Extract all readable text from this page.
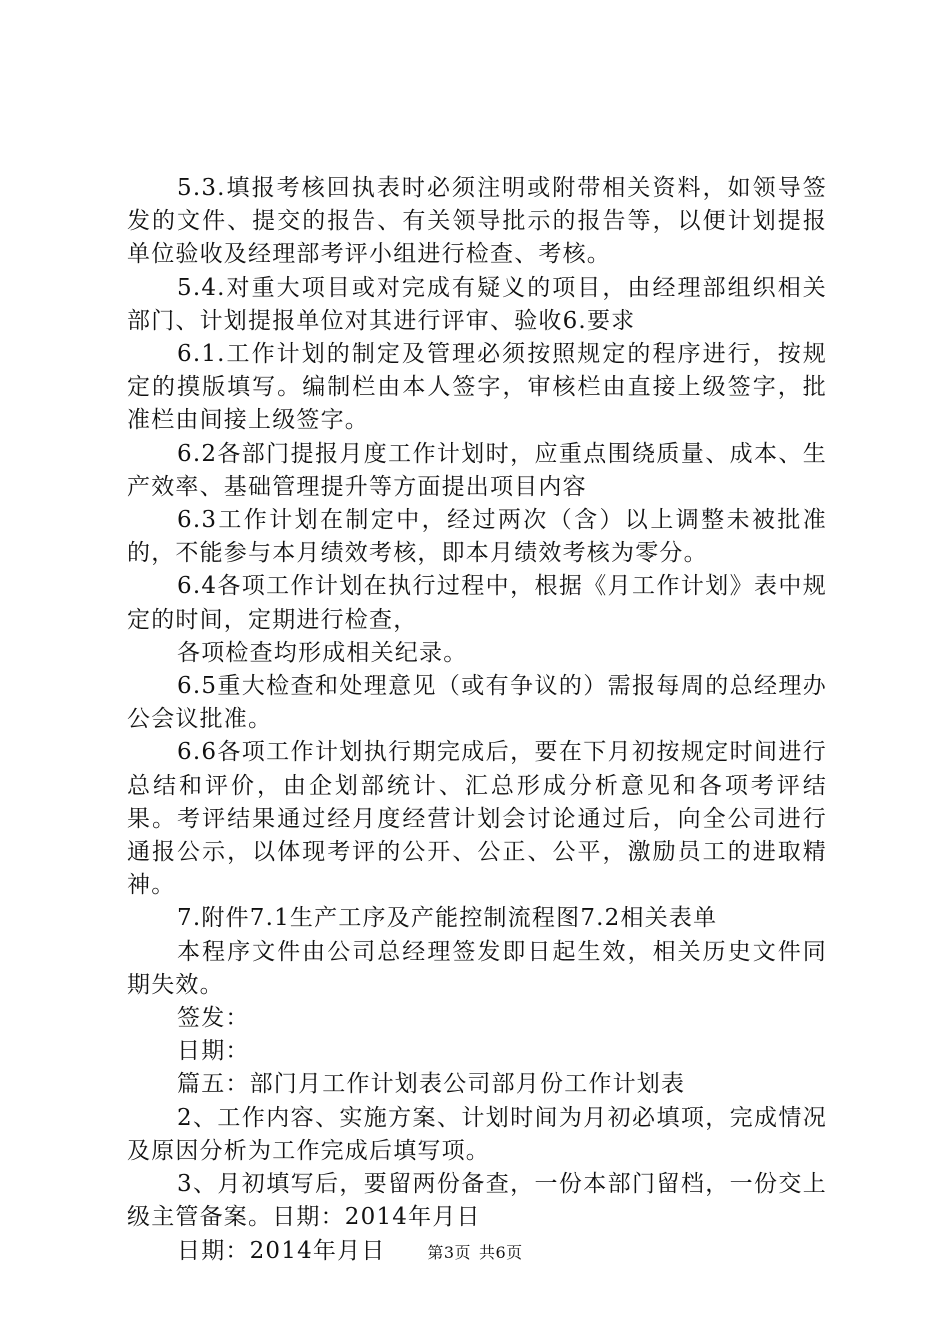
5.3.填报考核回执表时必须注明或附带相关资料，如领导签发的文件、提交的报告、有关领导批示的报告等，以便计划提报单位验收及经理部考评小组进行检查、考核。

5.4.对重大项目或对完成有疑义的项目，由经理部组织相关部门、计划提报单位对其进行评审、验收6.要求

6.1.工作计划的制定及管理必须按照规定的程序进行，按规定的摸版填写。编制栏由本人签字，审核栏由直接上级签字，批准栏由间接上级签字。

6.2各部门提报月度工作计划时，应重点围绕质量、成本、生产效率、基础管理提升等方面提出项目内容

6.3工作计划在制定中，经过两次（含）以上调整未被批准的，不能参与本月绩效考核，即本月绩效考核为零分。

6.4各项工作计划在执行过程中，根据《月工作计划》表中规定的时间，定期进行检查，

各项检查均形成相关纪录。

6.5重大检查和处理意见（或有争议的）需报每周的总经理办公会议批准。

6.6各项工作计划执行期完成后，要在下月初按规定时间进行总结和评价，由企划部统计、汇总形成分析意见和各项考评结果。考评结果通过经月度经营计划会讨论通过后，向全公司进行通报公示，以体现考评的公开、公正、公平，激励员工的进取精神。

7.附件7.1生产工序及产能控制流程图7.2相关表单

本程序文件由公司总经理签发即日起生效，相关历史文件同期失效。

签发：

日期：

篇五：部门月工作计划表公司部月份工作计划表

2、工作内容、实施方案、计划时间为月初必填项，完成情况及原因分析为工作完成后填写项。

3、月初填写后，要留两份备查，一份本部门留档，一份交上级主管备案。日期：2014年月日

日期：2014年月日	第3页 共6页
